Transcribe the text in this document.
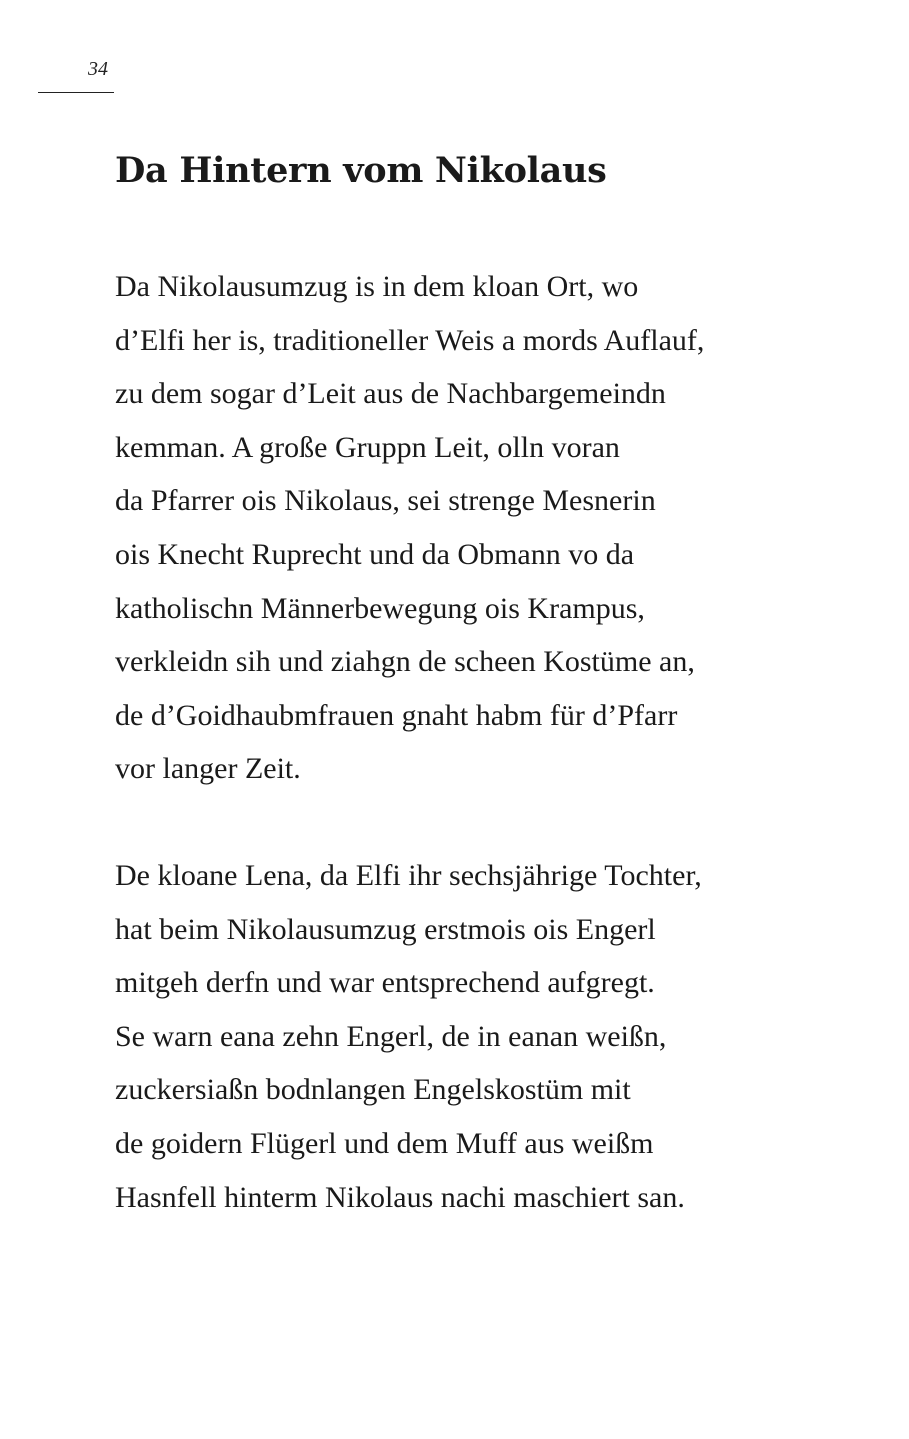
34
Da Hintern vom Nikolaus
Da Nikolausumzug is in dem kloan Ort, wo
d’Elfi her is, traditioneller Weis a mords Auflauf,
zu dem sogar d’Leit aus de Nachbargemeindn
kemman. A große Gruppn Leit, olln voran
da Pfarrer ois Nikolaus, sei strenge Mesnerin
ois Knecht Ruprecht und da Obmann vo da
katholischn Männerbewegung ois Krampus,
verkleidn sih und ziahgn de scheen Kostüme an,
de d’Goidhaubmfrauen gnaht habm für d’Pfarr
vor langer Zeit.
De kloane Lena, da Elfi ihr sechsjährige Tochter,
hat beim Nikolausumzug erstmois ois Engerl
mitgeh derfn und war entsprechend aufgregt.
Se warn eana zehn Engerl, de in eanan weißn,
zuckersiaßn bodnlangen Engelskostüm mit
de goidern Flügerl und dem Muff aus weißm
Hasnfell hinterm Nikolaus nachi maschiert san.
